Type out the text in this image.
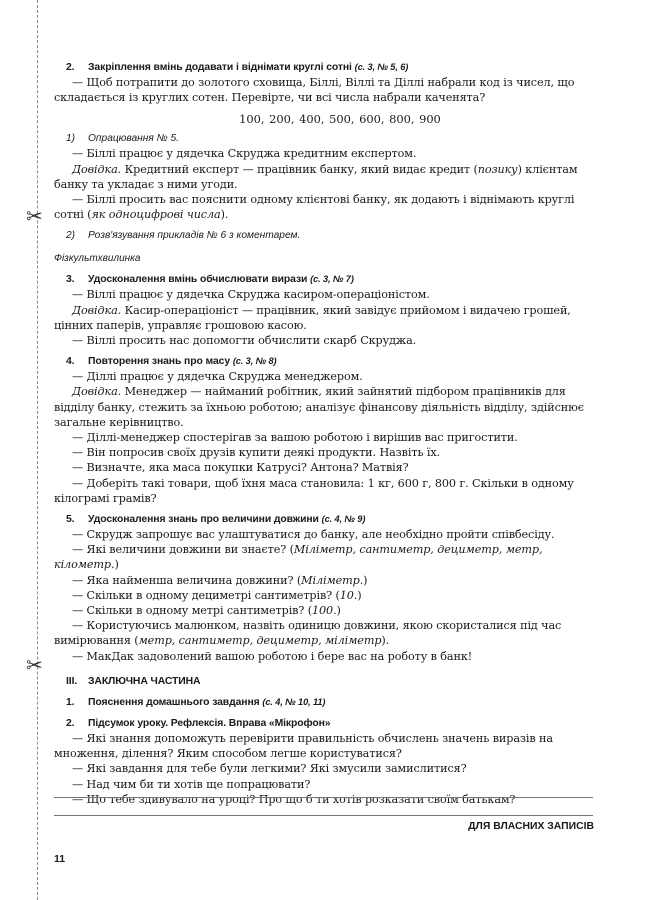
✂
✂

2. Закріплення вмінь додавати і віднімати круглі сотні (с. 3, № 5, 6)

— Щоб потрапити до золотого сховища, Біллі, Віллі та Діллі набрали код із чисел, що складається із круглих сотен. Перевірте, чи всі числа набрали каченята?

100, 200, 400, 500, 600, 800, 900

1) Опрацювання № 5.

— Біллі працює у дядечка Скруджа кредитним експертом.

Довідка. Кредитний експерт — працівник банку, який видає кредит (позику) клієнтам банку та укладає з ними угоди.

— Біллі просить вас пояснити одному клієнтові банку, як додають і віднімають круглі сотні (як одноцифрові числа).

2) Розв'язування прикладів № 6 з коментарем.

Фізкультхвилинка

3. Удосконалення вмінь обчислювати вирази (с. 3, № 7)

— Віллі працює у дядечка Скруджа касиром-операціоністом.

Довідка. Касир-операціоніст — працівник, який завідує прийомом і видачею грошей, цінних паперів, управляє грошовою касою.

— Віллі просить нас допомогти обчислити скарб Скруджа.

4. Повторення знань про масу (с. 3, № 8)

— Діллі працює у дядечка Скруджа менеджером.

Довідка. Менеджер — найманий робітник, який зайнятий підбором працівників для відділу банку, стежить за їхньою роботою; аналізує фінансову діяльність відділу, здійснює загальне керівництво.

— Діллі-менеджер спостерігав за вашою роботою і вирішив вас пригостити.

— Він попросив своїх друзів купити деякі продукти. Назвіть їх.

— Визначте, яка маса покупки Катрусі? Антона? Матвія?

— Доберіть такі товари, щоб їхня маса становила: 1 кг, 600 г, 800 г. Скільки в одному кілограмі грамів?

5. Удосконалення знань про величини довжини (с. 4, № 9)

— Скрудж запрошує вас улаштуватися до банку, але необхідно пройти співбесіду.

— Які величини довжини ви знаєте? (Міліметр, сантиметр, дециметр, метр, кілометр.)

— Яка найменша величина довжини? (Міліметр.)

— Скільки в одному дециметрі сантиметрів? (10.)

— Скільки в одному метрі сантиметрів? (100.)

— Користуючись малюнком, назвіть одиницю довжини, якою скористалися під час вимірювання (метр, сантиметр, дециметр, міліметр).

— МакДак задоволений вашою роботою і бере вас на роботу в банк!

III. ЗАКЛЮЧНА ЧАСТИНА

1. Пояснення домашнього завдання (с. 4, № 10, 11)

2. Підсумок уроку. Рефлексія. Вправа «Мікрофон»

— Які знання допоможуть перевірити правильність обчислень значень виразів на множення, ділення? Яким способом легше користуватися?

— Які завдання для тебе були легкими? Які змусили замислитися?

— Над чим би ти хотів ще попрацювати?

— Що тебе здивувало на уроці? Про що б ти хотів розказати своїм батькам?

ДЛЯ ВЛАСНИХ ЗАПИСІВ

11
